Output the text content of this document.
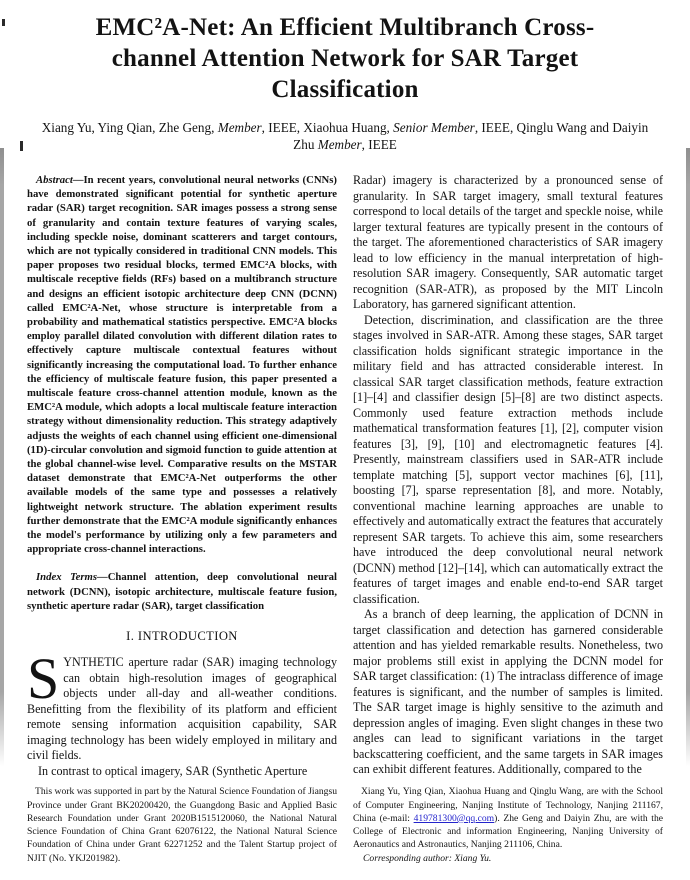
EMC²A-Net: An Efficient Multibranch Cross-
channel Attention Network for SAR Target
Classification
Xiang Yu, Ying Qian, Zhe Geng, Member, IEEE, Xiaohua Huang, Senior Member, IEEE, Qinglu Wang and Daiyin Zhu Member, IEEE

Abstract—In recent years, convolutional neural networks (CNNs) have demonstrated significant potential for synthetic aperture radar (SAR) target recognition. SAR images possess a strong sense of granularity and contain texture features of varying scales, including speckle noise, dominant scatterers and target contours, which are not typically considered in traditional CNN models. This paper proposes two residual blocks, termed EMC²A blocks, with multiscale receptive fields (RFs) based on a multibranch structure and designs an efficient isotopic architecture deep CNN (DCNN) called EMC²A-Net, whose structure is interpretable from a probability and mathematical statistics perspective. EMC²A blocks employ parallel dilated convolution with different dilation rates to effectively capture multiscale contextual features without significantly increasing the computational load. To further enhance the efficiency of multiscale feature fusion, this paper presented a multiscale feature cross-channel attention module, known as the EMC²A module, which adopts a local multiscale feature interaction strategy without dimensionality reduction. This strategy adaptively adjusts the weights of each channel using efficient one-dimensional (1D)-circular convolution and sigmoid function to guide attention at the global channel-wise level. Comparative results on the MSTAR dataset demonstrate that EMC²A-Net outperforms the other available models of the same type and possesses a relatively lightweight network structure. The ablation experiment results further demonstrate that the EMC²A module significantly enhances the model's performance by utilizing only a few parameters and appropriate cross-channel interactions.

Index Terms—Channel attention, deep convolutional neural network (DCNN), isotopic architecture, multiscale feature fusion, synthetic aperture radar (SAR), target classification

I. INTRODUCTION

SYNTHETIC aperture radar (SAR) imaging technology can obtain high-resolution images of geographical objects under all-day and all-weather conditions. Benefitting from the flexibility of its platform and efficient remote sensing information acquisition capability, SAR imaging technology has been widely employed in military and civil fields.

In contrast to optical imagery, SAR (Synthetic Aperture

This work was supported in part by the Natural Science Foundation of Jiangsu Province under Grant BK20200420, the Guangdong Basic and Applied Basic Research Foundation under Grant 2020B1515120060, the National Natural Science Foundation of China Grant 62076122, the National Natural Science Foundation of China under Grant 62271252 and the Talent Startup project of NJIT (No. YKJ201982).

Radar) imagery is characterized by a pronounced sense of granularity. In SAR target imagery, small textural features correspond to local details of the target and speckle noise, while larger textural features are typically present in the contours of the target. The aforementioned characteristics of SAR imagery lead to low efficiency in the manual interpretation of high-resolution SAR imagery. Consequently, SAR automatic target recognition (SAR-ATR), as proposed by the MIT Lincoln Laboratory, has garnered significant attention.

Detection, discrimination, and classification are the three stages involved in SAR-ATR. Among these stages, SAR target classification holds significant strategic importance in the military field and has attracted considerable interest. In classical SAR target classification methods, feature extraction [1]–[4] and classifier design [5]–[8] are two distinct aspects. Commonly used feature extraction methods include mathematical transformation features [1], [2], computer vision features [3], [9], [10] and electromagnetic features [4]. Presently, mainstream classifiers used in SAR-ATR include template matching [5], support vector machines [6], [11], boosting [7], sparse representation [8], and more. Notably, conventional machine learning approaches are unable to effectively and automatically extract the features that accurately represent SAR targets. To achieve this aim, some researchers have introduced the deep convolutional neural network (DCNN) method [12]–[14], which can automatically extract the features of target images and enable end-to-end SAR target classification.

As a branch of deep learning, the application of DCNN in target classification and detection has garnered considerable attention and has yielded remarkable results. Nonetheless, two major problems still exist in applying the DCNN model for SAR target classification: (1) The intraclass difference of image features is significant, and the number of samples is limited. The SAR target image is highly sensitive to the azimuth and depression angles of imaging. Even slight changes in these two angles can lead to significant variations in the target backscattering coefficient, and the same targets in SAR images can exhibit different features. Additionally, compared to the

Xiang Yu, Ying Qian, Xiaohua Huang and Qinglu Wang, are with the School of Computer Engineering, Nanjing Institute of Technology, Nanjing 211167, China (e-mail: 419781300@qq.com). Zhe Geng and Daiyin Zhu, are with the College of Electronic and information Engineering, Nanjing University of Aeronautics and Astronautics, Nanjing 211106, China.
Corresponding author: Xiang Yu.
